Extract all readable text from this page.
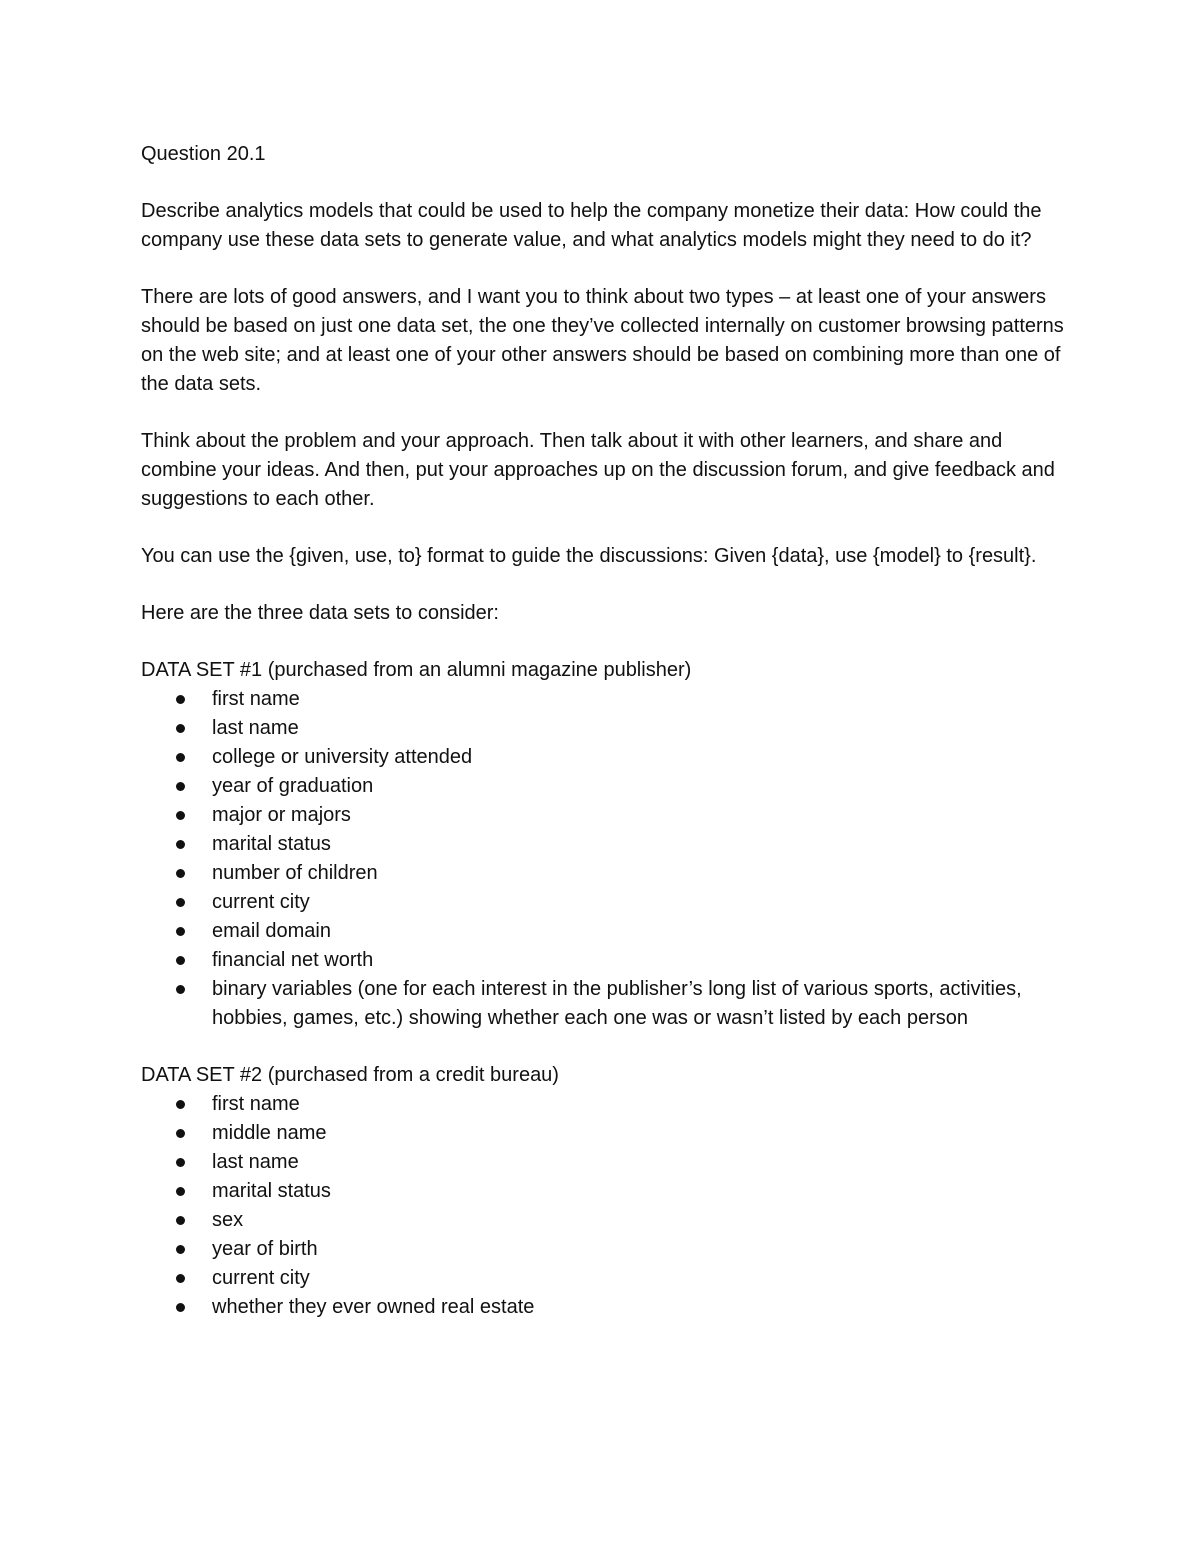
Question 20.1

Describe analytics models that could be used to help the company monetize their data: How could the company use these data sets to generate value, and what analytics models might they need to do it?

There are lots of good answers, and I want you to think about two types – at least one of your answers should be based on just one data set, the one they’ve collected internally on customer browsing patterns on the web site; and at least one of your other answers should be based on combining more than one of the data sets.

Think about the problem and your approach. Then talk about it with other learners, and share and combine your ideas. And then, put your approaches up on the discussion forum, and give feedback and suggestions to each other.

You can use the {given, use, to} format to guide the discussions: Given {data}, use {model} to {result}.

Here are the three data sets to consider:

DATA SET #1 (purchased from an alumni magazine publisher)

first name
last name
college or university attended
year of graduation
major or majors
marital status
number of children
current city
email domain
financial net worth
binary variables (one for each interest in the publisher’s long list of various sports, activities, hobbies, games, etc.) showing whether each one was or wasn’t listed by each person

DATA SET #2 (purchased from a credit bureau)

first name
middle name
last name
marital status
sex
year of birth
current city
whether they ever owned real estate
